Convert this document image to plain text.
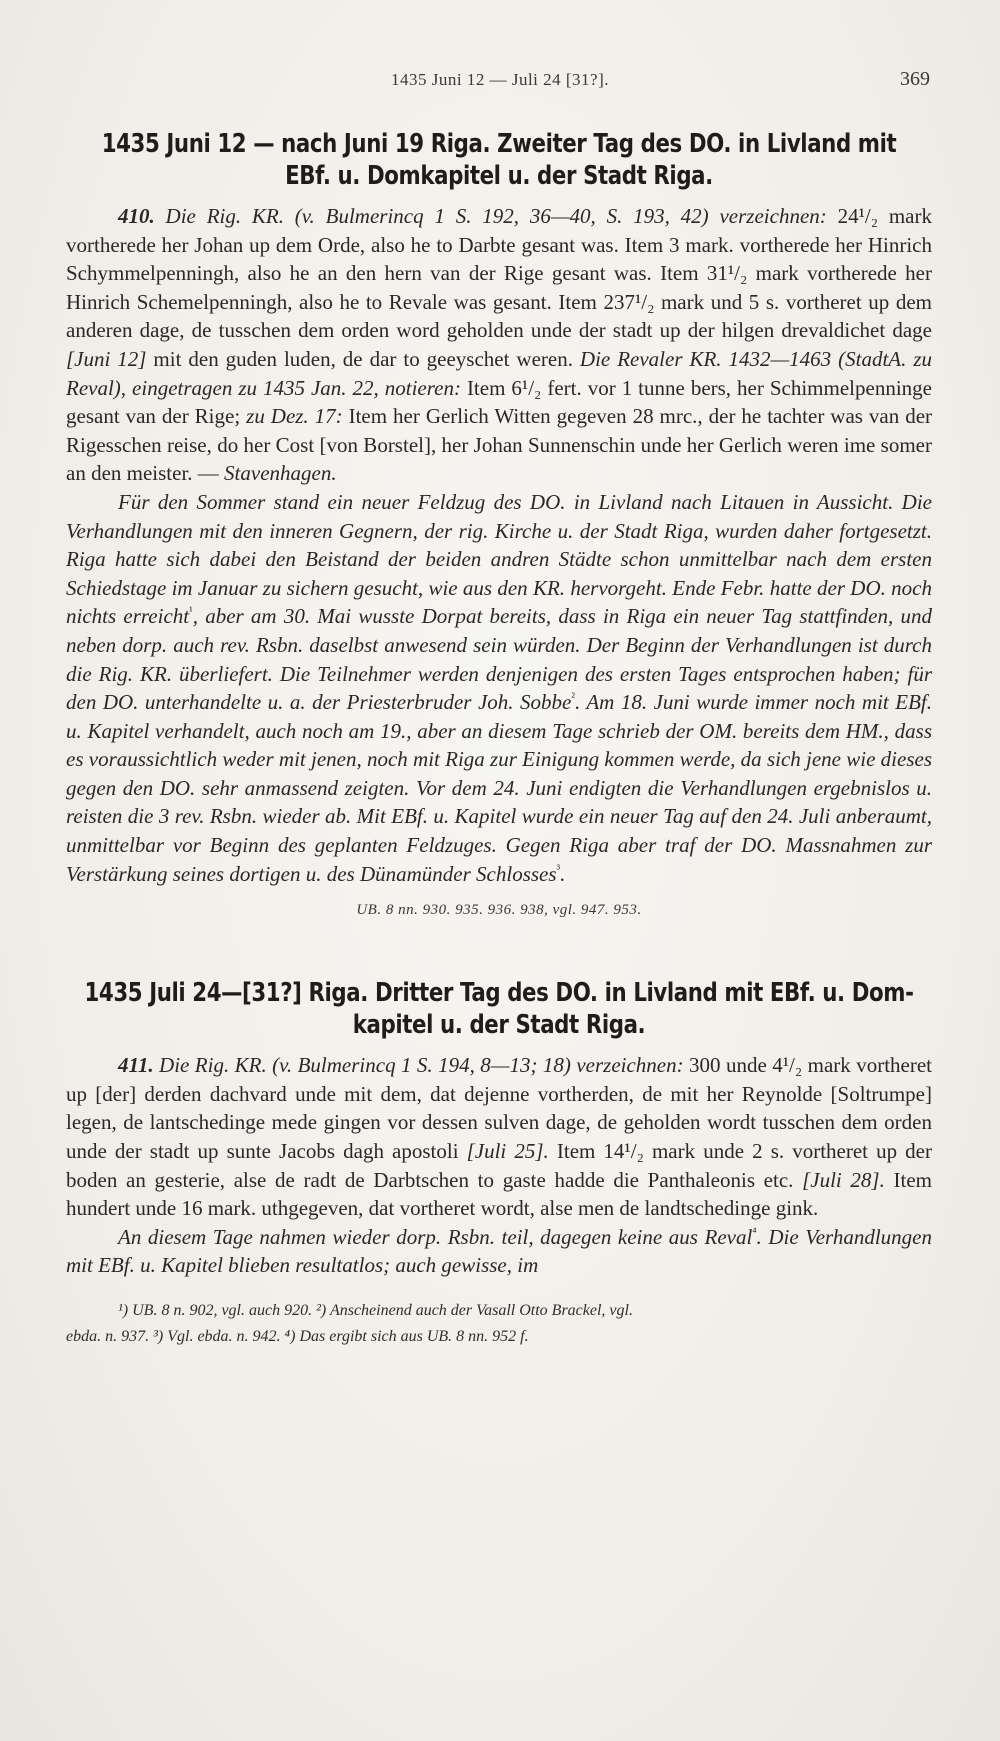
1435 Juni 12 — Juli 24 [31?].	369
1435 Juni 12 — nach Juni 19 Riga. Zweiter Tag des DO. in Livland mit
EBf. u. Domkapitel u. der Stadt Riga.

410. Die Rig. KR. (v. Bulmerincq 1 S. 192, 36—40, S. 193, 42) verzeichnen: 24¹/₂ mark vortherede her Johan up dem Orde, also he to Darbte gesant was. Item 3 mark. vortherede her Hinrich Schymmelpenningh, also he an den hern van der Rige gesant was. Item 31¹/₂ mark vortherede her Hinrich Schemelpenningh, also he to Revale was gesant. Item 237¹/₂ mark und 5 s. vortheret up dem anderen dage, de tusschen dem orden word geholden unde der stadt up der hilgen drevaldichet dage [Juni 12] mit den guden luden, de dar to geeyschet weren. Die Revaler KR. 1432—1463 (StadtA. zu Reval), eingetragen zu 1435 Jan. 22, notieren: Item 6¹/₂ fert. vor 1 tunne bers, her Schimmelpenninge gesant van der Rige; zu Dez. 17: Item her Gerlich Witten gegeven 28 mrc., der he tachter was van der Rigesschen reise, do her Cost [von Borstel], her Johan Sunnenschin unde her Gerlich weren ime somer an den meister. — Stavenhagen.

Für den Sommer stand ein neuer Feldzug des DO. in Livland nach Litauen in Aussicht. Die Verhandlungen mit den inneren Gegnern, der rig. Kirche u. der Stadt Riga, wurden daher fortgesetzt. Riga hatte sich dabei den Beistand der beiden andren Städte schon unmittelbar nach dem ersten Schiedstage im Januar zu sichern gesucht, wie aus den KR. hervorgeht. Ende Febr. hatte der DO. noch nichts erreicht$^{^1}$, aber am 30. Mai wusste Dorpat bereits, dass in Riga ein neuer Tag stattfinden, und neben dorp. auch rev. Rsbn. daselbst anwesend sein würden. Der Beginn der Verhandlungen ist durch die Rig. KR. überliefert. Die Teilnehmer werden denjenigen des ersten Tages entsprochen haben; für den DO. unterhandelte u. a. der Priesterbruder Joh. Sobbe$^{^2}$. Am 18. Juni wurde immer noch mit EBf. u. Kapitel verhandelt, auch noch am 19., aber an diesem Tage schrieb der OM. bereits dem HM., dass es voraussichtlich weder mit jenen, noch mit Riga zur Einigung kommen werde, da sich jene wie dieses gegen den DO. sehr anmassend zeigten. Vor dem 24. Juni endigten die Verhandlungen ergebnislos u. reisten die 3 rev. Rsbn. wieder ab. Mit EBf. u. Kapitel wurde ein neuer Tag auf den 24. Juli anberaumt, unmittelbar vor Beginn des geplanten Feldzuges. Gegen Riga aber traf der DO. Massnahmen zur Verstärkung seines dortigen u. des Dünamünder Schlosses$^{^3}$.

UB. 8 nn. 930. 935. 936. 938, vgl. 947. 953.
1435 Juli 24—[31?] Riga. Dritter Tag des DO. in Livland mit EBf. u. Dom-
kapitel u. der Stadt Riga.

411. Die Rig. KR. (v. Bulmerincq 1 S. 194, 8—13; 18) verzeichnen: 300 unde 4¹/₂ mark vortheret up [der] derden dachvard unde mit dem, dat dejenne vortherden, de mit her Reynolde [Soltrumpe] legen, de lantschedinge mede gingen vor dessen sulven dage, de geholden wordt tusschen dem orden unde der stadt up sunte Jacobs dagh apostoli [Juli 25]. Item 14¹/₂ mark unde 2 s. vortheret up der boden an gesterie, alse de radt de Darbtschen to gaste hadde die Panthaleonis etc. [Juli 28]. Item hundert unde 16 mark. uthgegeven, dat vortheret wordt, alse men de landtschedinge gink.

An diesem Tage nahmen wieder dorp. Rsbn. teil, dagegen keine aus Reval$^{^4}$. Die Verhandlungen mit EBf. u. Kapitel blieben resultatlos; auch gewisse, im

¹) UB. 8 n. 902, vgl. auch 920. ²) Anscheinend auch der Vasall Otto Brackel, vgl.
ebda. n. 937. ³) Vgl. ebda. n. 942. ⁴) Das ergibt sich aus UB. 8 nn. 952 f.
